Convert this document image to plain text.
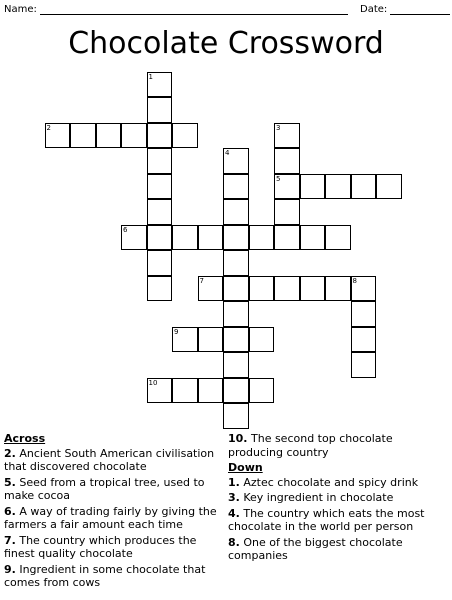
Name:	Date:
Chocolate Crossword
1
2	3
5
4
6
7	8
9
10
Across
2. Ancient South American civilisation that discovered chocolate
5. Seed from a tropical tree, used to make cocoa
6. A way of trading fairly by giving the farmers a fair amount each time
7. The country which produces the finest quality chocolate
9. Ingredient in some chocolate that comes from cows
10. The second top chocolate producing country
Down
1. Aztec chocolate and spicy drink
3. Key ingredient in chocolate
4. The country which eats the most chocolate in the world per person
8. One of the biggest chocolate companies
